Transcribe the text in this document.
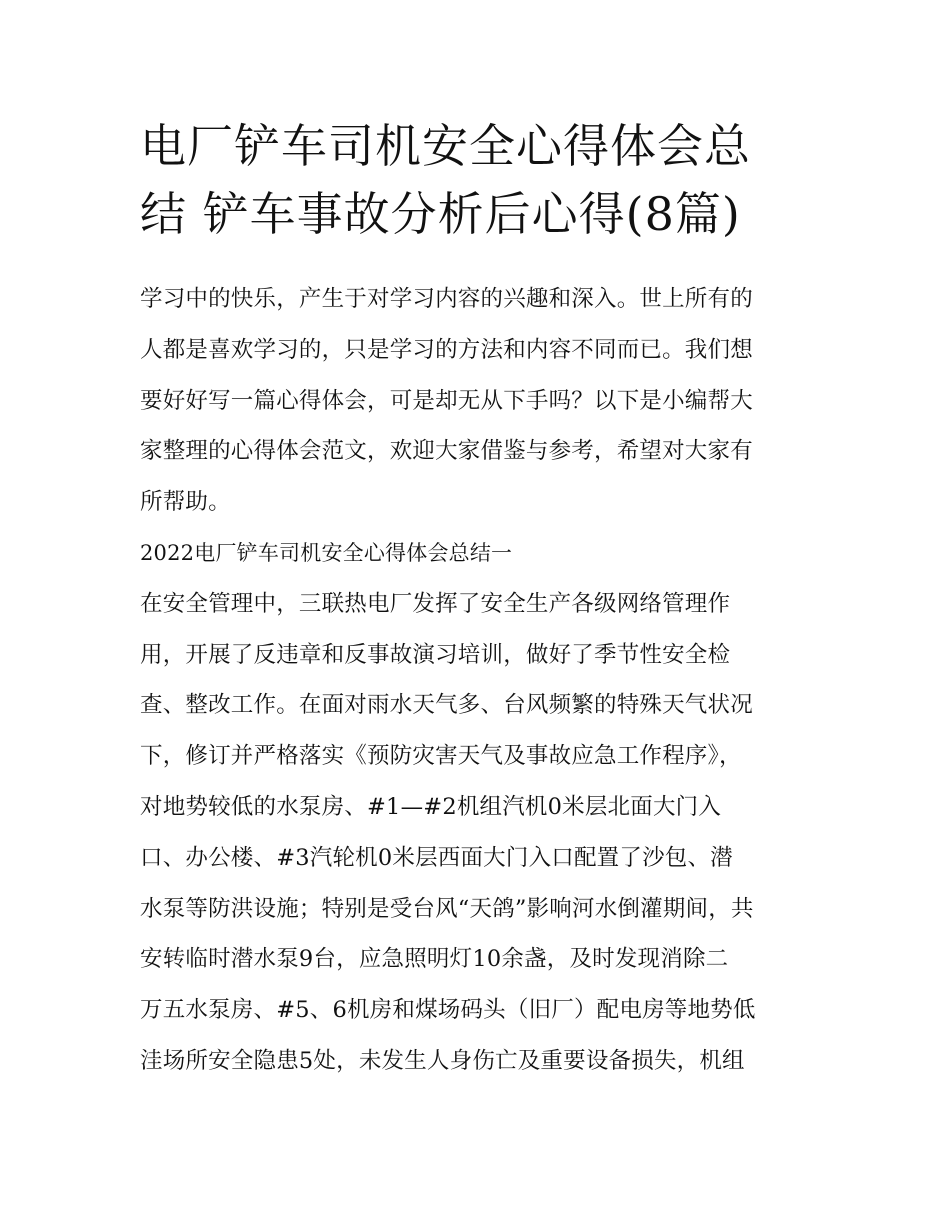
电厂铲车司机安全心得体会总
结 铲车事故分析后心得(8篇)
学习中的快乐，产生于对学习内容的兴趣和深入。世上所有的
人都是喜欢学习的，只是学习的方法和内容不同而已。我们想
要好好写一篇心得体会，可是却无从下手吗？以下是小编帮大
家整理的心得体会范文，欢迎大家借鉴与参考，希望对大家有
所帮助。
2022电厂铲车司机安全心得体会总结一
在安全管理中，三联热电厂发挥了安全生产各级网络管理作
用，开展了反违章和反事故演习培训，做好了季节性安全检
查、整改工作。在面对雨水天气多、台风频繁的特殊天气状况
下，修订并严格落实《预防灾害天气及事故应急工作程序》，
对地势较低的水泵房、#1—#2机组汽机0米层北面大门入
口、办公楼、#3汽轮机0米层西面大门入口配置了沙包、潜
水泵等防洪设施；特别是受台风“天鸽”影响河水倒灌期间，共
安转临时潜水泵9台，应急照明灯10余盏，及时发现消除二
万五水泵房、#5、6机房和煤场码头（旧厂）配电房等地势低
洼场所安全隐患5处，未发生人身伤亡及重要设备损失，机组
